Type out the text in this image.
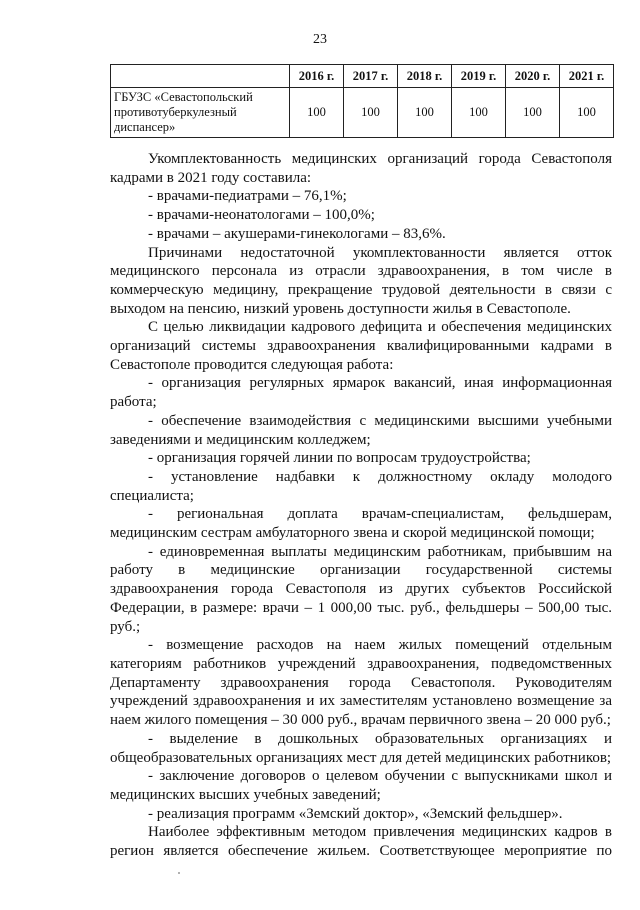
23
	2016 г.	2017 г.	2018 г.	2019 г.	2020 г.	2021 г.
ГБУЗС «Севастопольский противотуберкулезный диспансер»	100	100	100	100	100	100

Укомплектованность медицинских организаций города Севастополя кадрами в 2021 году составила:

- врачами-педиатрами – 76,1%;

- врачами-неонатологами – 100,0%;

- врачами – акушерами-гинекологами – 83,6%.

Причинами недостаточной укомплектованности является отток медицинского персонала из отрасли здравоохранения, в том числе в коммерческую медицину, прекращение трудовой деятельности в связи с выходом на пенсию, низкий уровень доступности жилья в Севастополе.

С целью ликвидации кадрового дефицита и обеспечения медицинских организаций системы здравоохранения квалифицированными кадрами в Севастополе проводится следующая работа:

- организация регулярных ярмарок вакансий, иная информационная работа;

- обеспечение взаимодействия с медицинскими высшими учебными заведениями и медицинским колледжем;

- организация горячей линии по вопросам трудоустройства;

- установление надбавки к должностному окладу молодого специалиста;

- региональная доплата врачам-специалистам, фельдшерам, медицинским сестрам амбулаторного звена и скорой медицинской помощи;

- единовременная выплаты медицинским работникам, прибывшим на работу в медицинские организации государственной системы здравоохранения города Севастополя из других субъектов Российской Федерации, в размере: врачи – 1 000,00 тыс. руб., фельдшеры – 500,00 тыс. руб.;

- возмещение расходов на наем жилых помещений отдельным категориям работников учреждений здравоохранения, подведомственных Департаменту здравоохранения города Севастополя. Руководителям учреждений здравоохранения и их заместителям установлено возмещение за наем жилого помещения – 30 000 руб., врачам первичного звена – 20 000 руб.;

- выделение в дошкольных образовательных организациях и общеобразовательных организациях мест для детей медицинских работников;

- заключение договоров о целевом обучении с выпускниками школ и медицинских высших учебных заведений;

- реализация программ «Земский доктор», «Земский фельдшер».

Наиболее эффективным методом привлечения медицинских кадров в регион является обеспечение жильем. Соответствующее мероприятие по
